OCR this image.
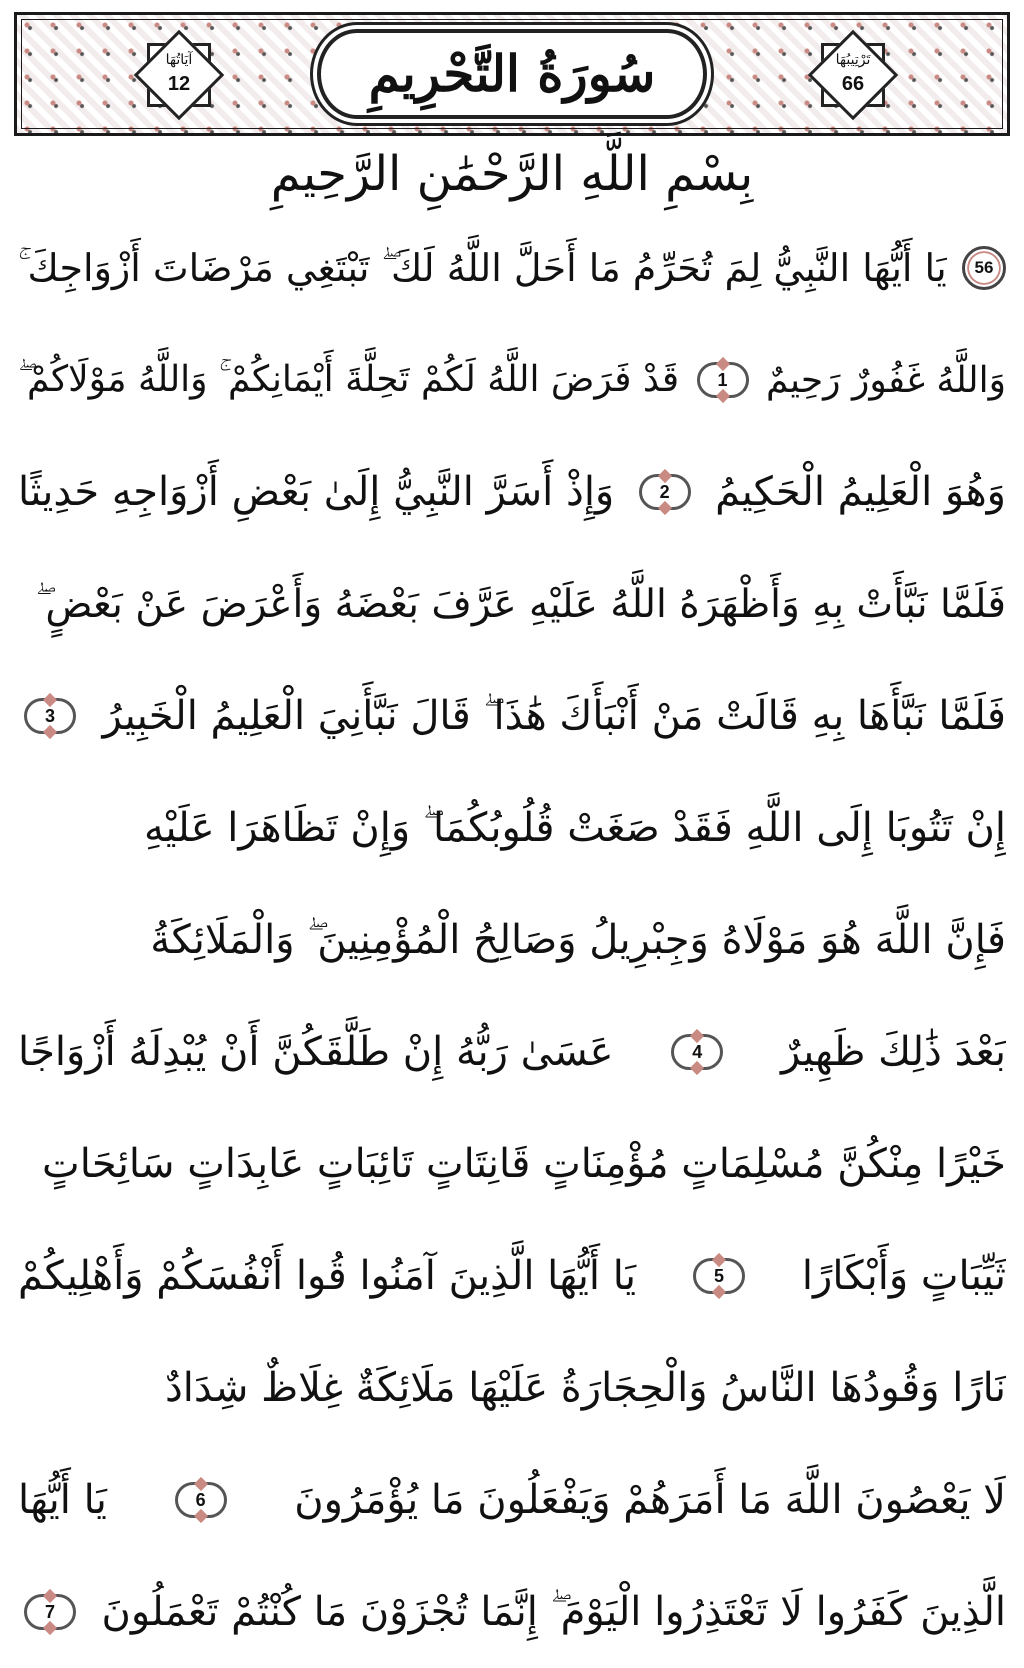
تَرْتِيبُهَا
66
سُورَةُ التَّحْرِيمِ
آيَاتُهَا
12
بِسْمِ اللَّهِ الرَّحْمَٰنِ الرَّحِيمِ
56
يَا أَيُّهَا النَّبِيُّ لِمَ تُحَرِّمُ مَا أَحَلَّ اللَّهُ لَكَ ۖ تَبْتَغِي مَرْضَاتَ أَزْوَاجِكَ ۚ
وَاللَّهُ غَفُورٌ رَحِيمٌ
1
قَدْ فَرَضَ اللَّهُ لَكُمْ تَحِلَّةَ أَيْمَانِكُمْ ۚ وَاللَّهُ مَوْلَاكُمْ ۖ
وَهُوَ الْعَلِيمُ الْحَكِيمُ
2
وَإِذْ أَسَرَّ النَّبِيُّ إِلَىٰ بَعْضِ أَزْوَاجِهِ حَدِيثًا
فَلَمَّا نَبَّأَتْ بِهِ وَأَظْهَرَهُ اللَّهُ عَلَيْهِ عَرَّفَ بَعْضَهُ وَأَعْرَضَ عَنْ بَعْضٍ ۖ
فَلَمَّا نَبَّأَهَا بِهِ قَالَتْ مَنْ أَنْبَأَكَ هَٰذَا ۖ قَالَ نَبَّأَنِيَ الْعَلِيمُ الْخَبِيرُ
3
إِنْ تَتُوبَا إِلَى اللَّهِ فَقَدْ صَغَتْ قُلُوبُكُمَا ۖ وَإِنْ تَظَاهَرَا عَلَيْهِ
فَإِنَّ اللَّهَ هُوَ مَوْلَاهُ وَجِبْرِيلُ وَصَالِحُ الْمُؤْمِنِينَ ۖ وَالْمَلَائِكَةُ
بَعْدَ ذَٰلِكَ ظَهِيرٌ
4
عَسَىٰ رَبُّهُ إِنْ طَلَّقَكُنَّ أَنْ يُبْدِلَهُ أَزْوَاجًا
خَيْرًا مِنْكُنَّ مُسْلِمَاتٍ مُؤْمِنَاتٍ قَانِتَاتٍ تَائِبَاتٍ عَابِدَاتٍ سَائِحَاتٍ
ثَيِّبَاتٍ وَأَبْكَارًا
5
يَا أَيُّهَا الَّذِينَ آمَنُوا قُوا أَنْفُسَكُمْ وَأَهْلِيكُمْ
نَارًا وَقُودُهَا النَّاسُ وَالْحِجَارَةُ عَلَيْهَا مَلَائِكَةٌ غِلَاظٌ شِدَادٌ
لَا يَعْصُونَ اللَّهَ مَا أَمَرَهُمْ وَيَفْعَلُونَ مَا يُؤْمَرُونَ
6
يَا أَيُّهَا
الَّذِينَ كَفَرُوا لَا تَعْتَذِرُوا الْيَوْمَ ۖ إِنَّمَا تُجْزَوْنَ مَا كُنْتُمْ تَعْمَلُونَ
7
